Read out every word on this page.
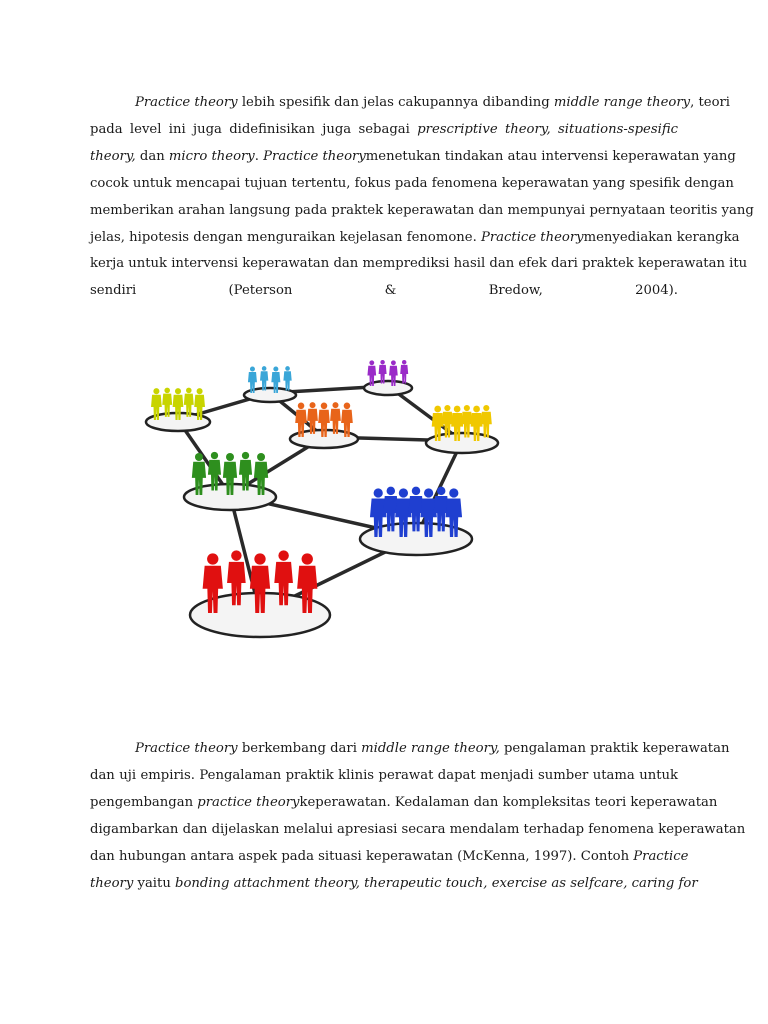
Practice theory lebih spesifik dan jelas cakupannya dibanding middle range theory, teori
pada level ini juga didefinisikan juga sebagai prescriptive theory, situations-spesific
theory, dan micro theory. Practice theorymenetukan tindakan atau intervensi keperawatan yang
cocok untuk mencapai tujuan tertentu, fokus pada fenomena keperawatan yang spesifik dengan
memberikan arahan langsung pada praktek keperawatan dan mempunyai pernyataan teoritis yang
jelas, hipotesis dengan menguraikan kejelasan fenomone. Practice theorymenyediakan kerangka
kerja untuk intervensi keperawatan dan memprediksi hasil dan efek dari praktek keperawatan itu
sendiri (Peterson & Bredow, 2004).
Practice theory berkembang dari middle range theory, pengalaman praktik keperawatan
dan uji empiris. Pengalaman praktik klinis perawat dapat menjadi sumber utama untuk
pengembangan practice theorykeperawatan. Kedalaman dan kompleksitas teori keperawatan
digambarkan dan dijelaskan melalui apresiasi secara mendalam terhadap fenomena keperawatan
dan hubungan antara aspek pada situasi keperawatan (McKenna, 1997). Contoh Practice
theory yaitu bonding attachment theory, therapeutic touch, exercise as selfcare, caring for
